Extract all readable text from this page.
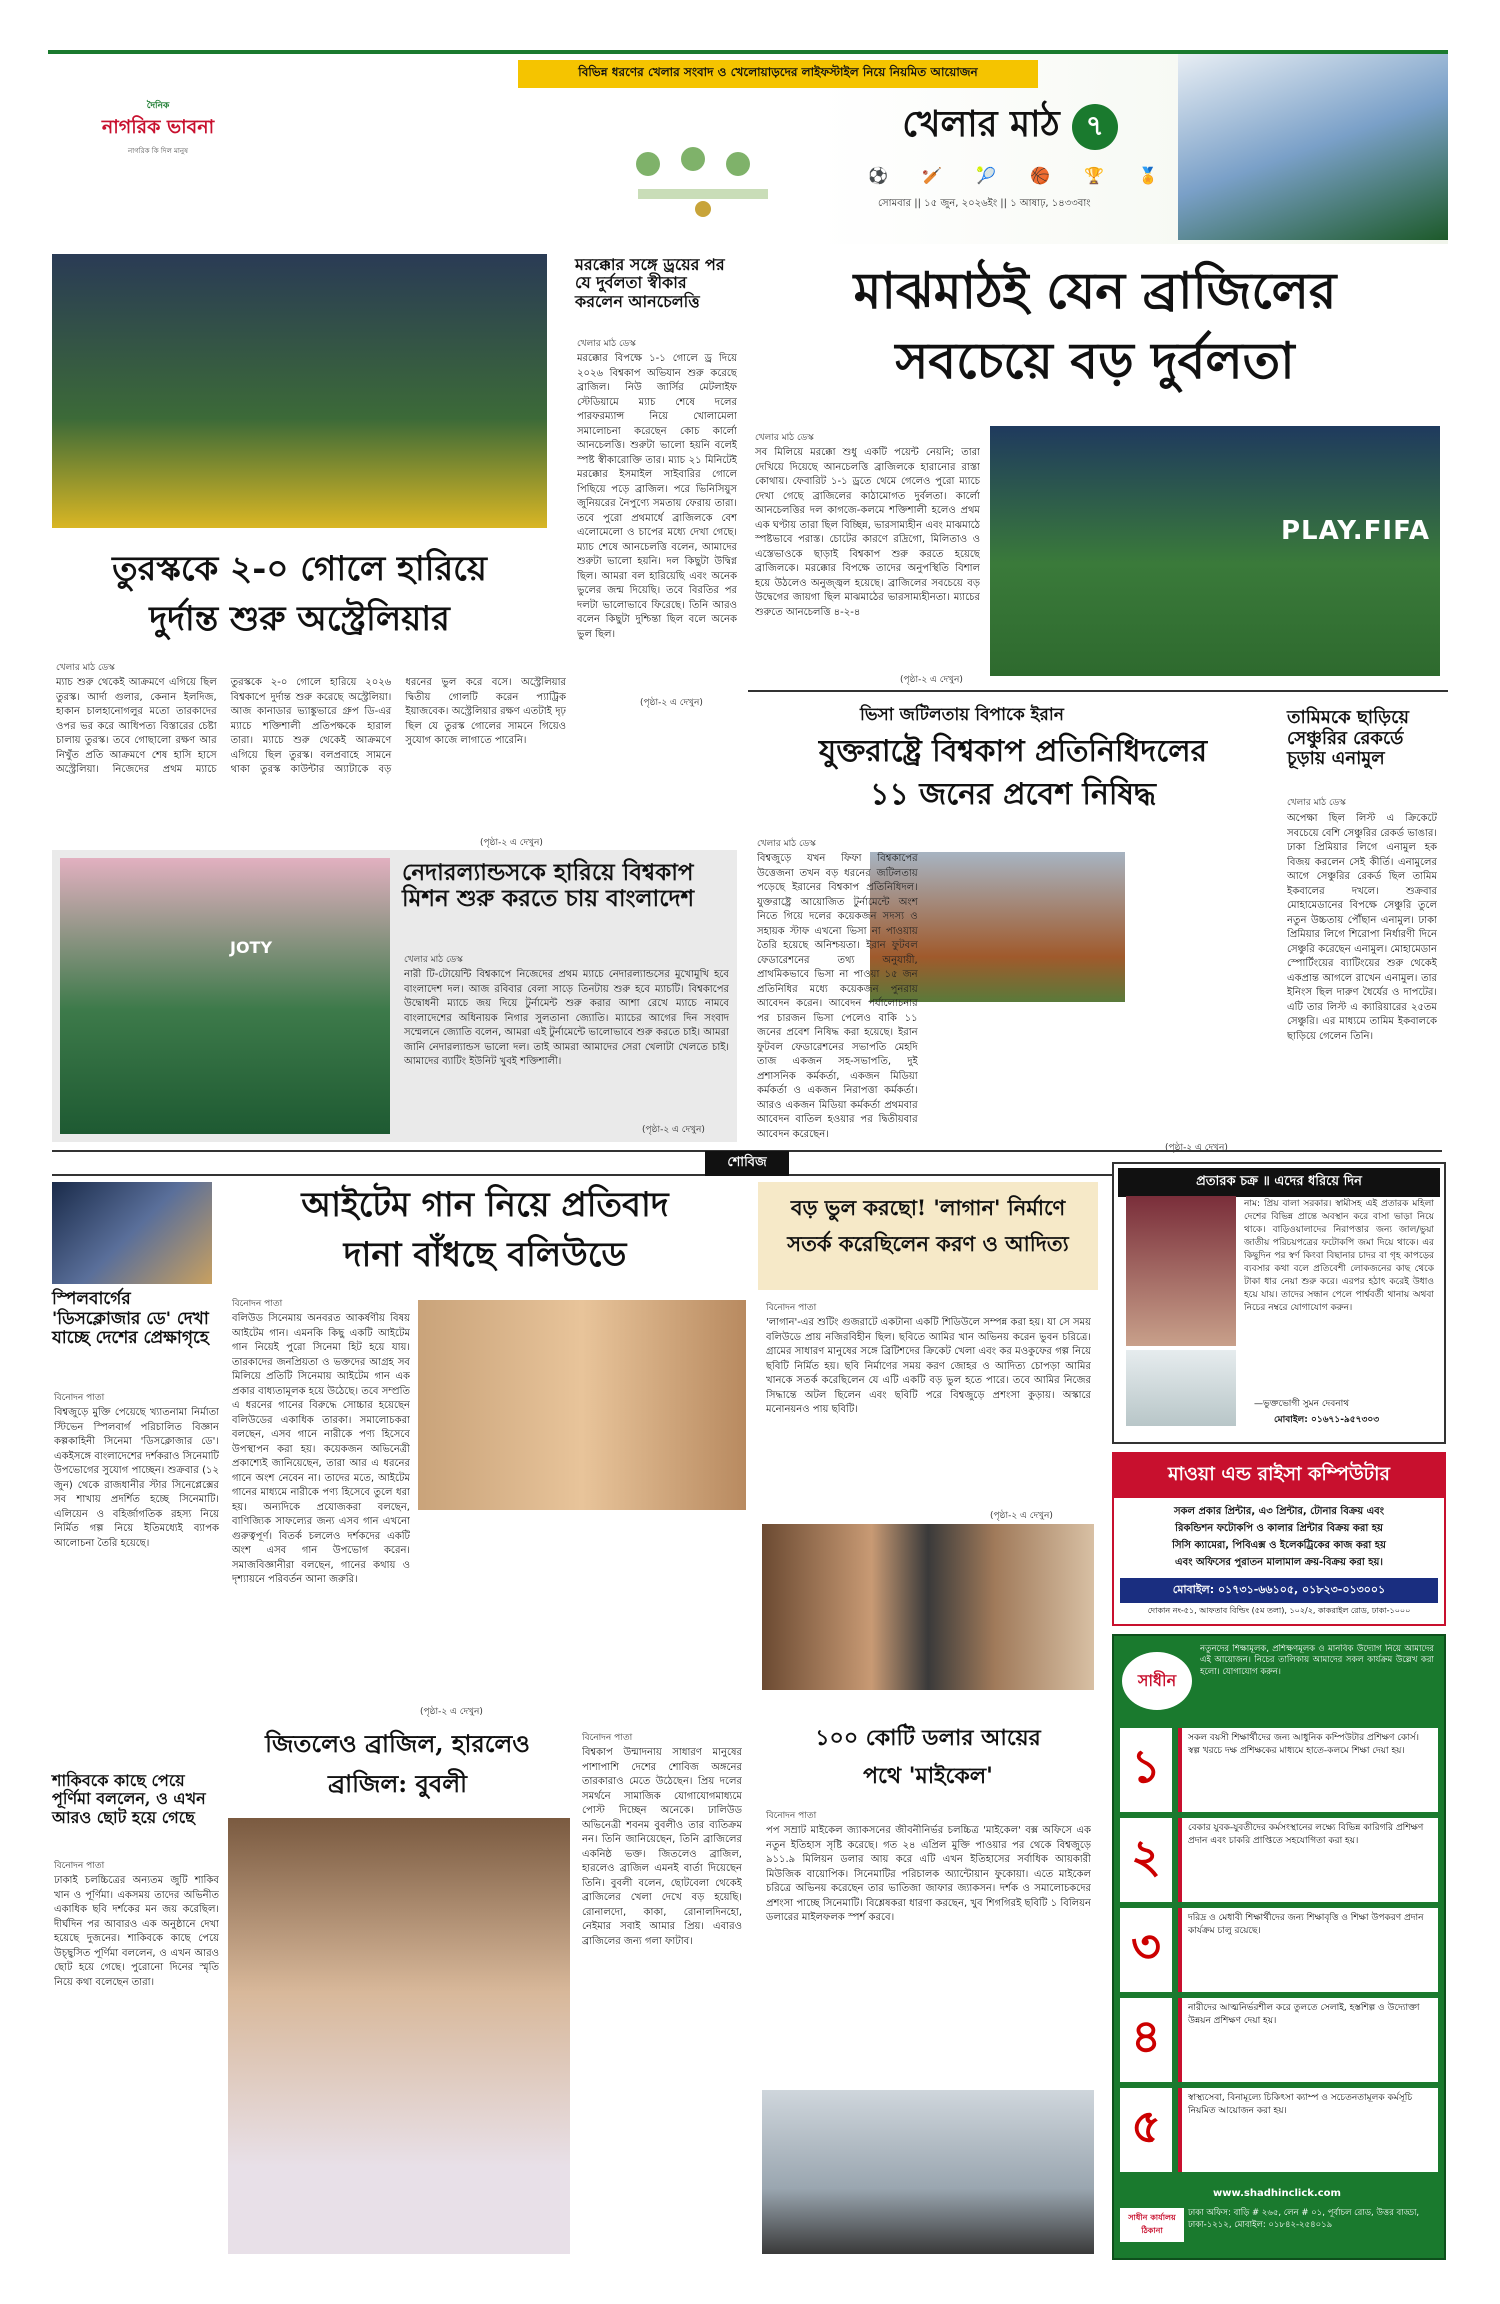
দৈনিক
নাগরিক ভাবনা
নাগরিক কি দিল মানুষ
বিভিন্ন ধরণের খেলার সংবাদ ও খেলোয়াড়দের লাইফস্টাইল নিয়ে নিয়মিত আয়োজন
খেলার মাঠ ৭
⚽ 🏏 🎾 🏀 🏆 🏅
সোমবার || ১৫ জুন, ২০২৬ইং || ১ আষাঢ়, ১৪৩৩বাং
মরক্কোর সঙ্গে ড্রয়ের পর যে দুর্বলতা স্বীকার করলেন আনচেলত্তি
খেলার মাঠ ডেস্ক
মরক্কোর বিপক্ষে ১-১ গোলে ড্র দিয়ে ২০২৬ বিশ্বকাপ অভিযান শুরু করেছে ব্রাজিল। নিউ জার্সির মেটলাইফ স্টেডিয়ামে ম্যাচ শেষে দলের পারফরম্যান্স নিয়ে খোলামেলা সমালোচনা করেছেন কোচ কার্লো আনচেলত্তি। শুরুটা ভালো হয়নি বলেই স্পষ্ট স্বীকারোক্তি তার। ম্যাচ ২১ মিনিটেই মরক্কোর ইসমাইল সাইবারির গোলে পিছিয়ে পড়ে ব্রাজিল। পরে ভিনিসিয়ুস জুনিয়রের নৈপুণ্যে সমতায় ফেরায় তারা। তবে পুরো প্রথমার্ধে ব্রাজিলকে বেশ এলোমেলো ও চাপের মধ্যে দেখা গেছে। ম্যাচ শেষে আনচেলত্তি বলেন, আমাদের শুরুটা ভালো হয়নি। দল কিছুটা উদ্বিগ্ন ছিল। আমরা বল হারিয়েছি এবং অনেক ভুলের জন্ম দিয়েছি। তবে বিরতির পর দলটা ভালোভাবে ফিরেছে। তিনি আরও বলেন কিছুটা দুশ্চিন্তা ছিল বলে অনেক ভুল ছিল।
(পৃষ্ঠা-২ এ দেখুন)
মাঝমাঠই যেন ব্রাজিলের
সবচেয়ে বড় দুর্বলতা
খেলার মাঠ ডেস্ক
সব মিলিয়ে মরক্কো শুধু একটি পয়েন্ট নেয়নি; তারা দেখিয়ে দিয়েছে আনচেলত্তি ব্রাজিলকে হারানোর রাস্তা কোথায়। ফেবারিট ১-১ ড্রতে থেমে গেলেও পুরো ম্যাচে দেখা গেছে ব্রাজিলের কাঠামোগত দুর্বলতা। কার্লো আনচেলত্তির দল কাগজে-কলমে শক্তিশালী হলেও প্রথম এক ঘণ্টায় তারা ছিল বিচ্ছিন্ন, ভারসাম্যহীন এবং মাঝমাঠে স্পষ্টভাবে পরাস্ত। চোটের কারণে রদ্রিগো, মিলিতাও ও এস্তেভাওকে ছাড়াই বিশ্বকাপ শুরু করতে হয়েছে ব্রাজিলকে। মরক্কোর বিপক্ষে তাদের অনুপস্থিতি বিশাল হয়ে উঠলেও অনুজ্জ্বল হয়েছে। ব্রাজিলের সবচেয়ে বড় উদ্বেগের জায়গা ছিল মাঝমাঠের ভারসাম্যহীনতা। ম্যাচের শুরুতে আনচেলত্তি ৪-২-৪
(পৃষ্ঠা-২ এ দেখুন)
PLAY.FIFA
তুরস্ককে ২-০ গোলে হারিয়ে
দুর্দান্ত শুরু অস্ট্রেলিয়ার
খেলার মাঠ ডেস্ক
ম্যাচ শুরু থেকেই আক্রমণে এগিয়ে ছিল তুরস্ক। আর্দা গুলার, কেনান ইলদিজ, হাকান চালহানোগলুর মতো তারকাদের ওপর ভর করে আধিপত্য বিস্তারের চেষ্টা চালায় তুরস্ক। তবে গোছালো রক্ষণ আর নিখুঁত প্রতি আক্রমণে শেষ হাসি হাসে অস্ট্রেলিয়া। নিজেদের প্রথম ম্যাচে তুরস্ককে ২-০ গোলে হারিয়ে ২০২৬ বিশ্বকাপে দুর্দান্ত শুরু করেছে অস্ট্রেলিয়া। আজ কানাডার ভ্যাঙ্কুভারে গ্রুপ ডি-এর ম্যাচে শক্তিশালী প্রতিপক্ষকে হারাল তারা। ম্যাচে শুরু থেকেই আক্রমণে এগিয়ে ছিল তুরস্ক। বলপ্রবাহে সামনে থাকা তুরস্ক কাউন্টার অ্যাটাকে বড় ধরনের ভুল করে বসে। অস্ট্রেলিয়ার দ্বিতীয় গোলটি করেন প্যাট্রিক ইয়াজবেক। অস্ট্রেলিয়ার রক্ষণ এতটাই দৃঢ় ছিল যে তুরস্ক গোলের সামনে গিয়েও সুযোগ কাজে লাগাতে পারেনি।
(পৃষ্ঠা-২ এ দেখুন)
ভিসা জটিলতায় বিপাকে ইরান
যুক্তরাষ্ট্রে বিশ্বকাপ প্রতিনিধিদলের
১১ জনের প্রবেশ নিষিদ্ধ
খেলার মাঠ ডেস্ক
বিশ্বজুড়ে যখন ফিফা বিশ্বকাপের উত্তেজনা তখন বড় ধরনের জটিলতায় পড়েছে ইরানের বিশ্বকাপ প্রতিনিধিদল। যুক্তরাষ্ট্রে আয়োজিত টুর্নামেন্টে অংশ নিতে গিয়ে দলের কয়েকজন সদস্য ও সহায়ক স্টাফ এখনো ভিসা না পাওয়ায় তৈরি হয়েছে অনিশ্চয়তা। ইরান ফুটবল ফেডারেশনের তথ্য অনুযায়ী, প্রাথমিকভাবে ভিসা না পাওয়া ১৫ জন প্রতিনিধির মধ্যে কয়েকজন পুনরায় আবেদন করেন। আবেদন পর্যালোচনার পর চারজন ভিসা পেলেও বাকি ১১ জনের প্রবেশ নিষিদ্ধ করা হয়েছে। ইরান ফুটবল ফেডারেশনের সভাপতি মেহদি তাজ একজন সহ-সভাপতি, দুই প্রশাসনিক কর্মকর্তা, একজন মিডিয়া কর্মকর্তা ও একজন নিরাপত্তা কর্মকর্তা। আরও একজন মিডিয়া কর্মকর্তা প্রথমবার আবেদন বাতিল হওয়ার পর দ্বিতীয়বার আবেদন করেছেন।
(পৃষ্ঠা-২ এ দেখুন)
তামিমকে ছাড়িয়ে সেঞ্চুরির রেকর্ডে চূড়ায় এনামুল
খেলার মাঠ ডেস্ক
অপেক্ষা ছিল লিস্ট এ ক্রিকেটে সবচেয়ে বেশি সেঞ্চুরির রেকর্ড ভাঙার। ঢাকা প্রিমিয়ার লিগে এনামুল হক বিজয় করলেন সেই কীর্তি। এনামুলের আগে সেঞ্চুরির রেকর্ড ছিল তামিম ইকবালের দখলে। শুক্রবার মোহামেডানের বিপক্ষে সেঞ্চুরি তুলে নতুন উচ্চতায় পৌঁছান এনামুল। ঢাকা প্রিমিয়ার লিগে শিরোপা নির্ধারণী দিনে সেঞ্চুরি করেছেন এনামুল। মোহামেডান স্পোর্টিংয়ের ব্যাটিংয়ের শুরু থেকেই একপ্রান্ত আগলে রাখেন এনামুল। তার ইনিংস ছিল দারুণ ধৈর্যের ও দাপটের। এটি তার লিস্ট এ ক্যারিয়ারের ২৫তম সেঞ্চুরি। এর মাধ্যমে তামিম ইকবালকে ছাড়িয়ে গেলেন তিনি।
JOTY
নেদারল্যান্ডসকে হারিয়ে বিশ্বকাপ মিশন শুরু করতে চায় বাংলাদেশ
খেলার মাঠ ডেস্ক
নারী টি-টোয়েন্টি বিশ্বকাপে নিজেদের প্রথম ম্যাচে নেদারল্যান্ডসের মুখোমুখি হবে বাংলাদেশ দল। আজ রবিবার বেলা সাড়ে তিনটায় শুরু হবে ম্যাচটি। বিশ্বকাপের উদ্বোধনী ম্যাচে জয় দিয়ে টুর্নামেন্ট শুরু করার আশা রেখে ম্যাচে নামবে বাংলাদেশের অধিনায়ক নিগার সুলতানা জ্যোতি। ম্যাচের আগের দিন সংবাদ সম্মেলনে জ্যোতি বলেন, আমরা এই টুর্নামেন্টে ভালোভাবে শুরু করতে চাই। আমরা জানি নেদারল্যান্ডস ভালো দল। তাই আমরা আমাদের সেরা খেলাটা খেলতে চাই। আমাদের ব্যাটিং ইউনিট খুবই শক্তিশালী।
(পৃষ্ঠা-২ এ দেখুন)
শোবিজ
স্পিলবার্গের 'ডিসক্লোজার ডে' দেখা যাচ্ছে দেশের প্রেক্ষাগৃহে
বিনোদন পাতা
বিশ্বজুড়ে মুক্তি পেয়েছে খ্যাতনামা নির্মাতা স্টিভেন স্পিলবার্গ পরিচালিত বিজ্ঞান কল্পকাহিনী সিনেমা 'ডিসক্লোজার ডে'। একইসঙ্গে বাংলাদেশের দর্শকরাও সিনেমাটি উপভোগের সুযোগ পাচ্ছেন। শুক্রবার (১২ জুন) থেকে রাজধানীর স্টার সিনেপ্লেক্সের সব শাখায় প্রদর্শিত হচ্ছে সিনেমাটি। এলিয়েন ও বহির্জাগতিক রহস্য নিয়ে নির্মিত গল্প নিয়ে ইতিমধ্যেই ব্যাপক আলোচনা তৈরি হয়েছে।
আইটেম গান নিয়ে প্রতিবাদ
দানা বাঁধছে বলিউডে
বিনোদন পাতা
বলিউড সিনেমায় অনবরত আকর্ষণীয় বিষয় আইটেম গান। এমনকি কিছু একটি আইটেম গান নিয়েই পুরো সিনেমা হিট হয়ে যায়। তারকাদের জনপ্রিয়তা ও ভক্তদের আগ্রহ সব মিলিয়ে প্রতিটি সিনেমায় আইটেম গান এক প্রকার বাধ্যতামূলক হয়ে উঠেছে। তবে সম্প্রতি এ ধরনের গানের বিরুদ্ধে সোচ্চার হয়েছেন বলিউডের একাধিক তারকা। সমালোচকরা বলছেন, এসব গানে নারীকে পণ্য হিসেবে উপস্থাপন করা হয়। কয়েকজন অভিনেত্রী প্রকাশ্যেই জানিয়েছেন, তারা আর এ ধরনের গানে অংশ নেবেন না। তাদের মতে, আইটেম গানের মাধ্যমে নারীকে পণ্য হিসেবে তুলে ধরা হয়। অন্যদিকে প্রযোজকরা বলছেন, বাণিজ্যিক সাফল্যের জন্য এসব গান এখনো গুরুত্বপূর্ণ। বিতর্ক চললেও দর্শকদের একটি অংশ এসব গান উপভোগ করেন। সমাজবিজ্ঞানীরা বলছেন, গানের কথায় ও দৃশ্যায়নে পরিবর্তন আনা জরুরি।
(পৃষ্ঠা-২ এ দেখুন)
বড় ভুল করছো! 'লাগান' নির্মাণে
সতর্ক করেছিলেন করণ ও আদিত্য
বিনোদন পাতা
'লাগান'-এর শুটিং গুজরাটে একটানা একটি শিডিউলে সম্পন্ন করা হয়। যা সে সময় বলিউডে প্রায় নজিরবিহীন ছিল। ছবিতে আমির খান অভিনয় করেন ভুবন চরিত্রে। গ্রামের সাধারণ মানুষের সঙ্গে ব্রিটিশদের ক্রিকেট খেলা এবং কর মওকুফের গল্প নিয়ে ছবিটি নির্মিত হয়। ছবি নির্মাণের সময় করণ জোহর ও আদিত্য চোপড়া আমির খানকে সতর্ক করেছিলেন যে এটি একটি বড় ভুল হতে পারে। তবে আমির নিজের সিদ্ধান্তে অটল ছিলেন এবং ছবিটি পরে বিশ্বজুড়ে প্রশংসা কুড়ায়। অস্কারে মনোনয়নও পায় ছবিটি।
(পৃষ্ঠা-২ এ দেখুন)
প্রতারক চক্র ॥ এদের ধরিয়ে দিন
নাম: প্রিয় বালা সরকার। স্বামীসহ এই প্রতারক মহিলা দেশের বিভিন্ন প্রান্তে অবস্থান করে বাসা ভাড়া নিয়ে থাকে। বাড়িওয়ালাদের নিরাপত্তার জন্য জাল/ভুয়া জাতীয় পরিচয়পত্রের ফটোকপি জমা দিয়ে থাকে। এর কিছুদিন পর স্বর্ণ কিংবা বিছানার চাদর বা গৃহ কাপড়ের ব্যবসার কথা বলে প্রতিবেশী লোকজনের কাছ থেকে টাকা ধার নেয়া শুরু করে। এরপর হঠাৎ করেই উধাও হয়ে যায়। তাদের সন্ধান পেলে পার্শ্ববর্তী থানায় অথবা নিচের নম্বরে যোগাযোগ করুন।
—ভুক্তভোগী সুমন দেবনাথ
মোবাইল: ০১৬৭১-৯৫৭৩০৩
মাওয়া এন্ড রাইসা কম্পিউটার
সকল প্রকার প্রিন্টার, এ৩ প্রিন্টার, টোনার বিক্রয় এবং
রিকন্ডিশন ফটোকপি ও কালার প্রিন্টার বিক্রয় করা হয়
সিসি ক্যামেরা, পিবিএক্স ও ইলেকট্রিকের কাজ করা হয়
এবং অফিসের পুরাতন মালামাল ক্রয়-বিক্রয় করা হয়।
মোবাইল: ০১৭৩১-৬৬১০৫, ০১৮২৩-০১৩০০১
দোকান নং-৫১, আফতাব বিল্ডিং (৫ম তলা), ১০২/২, কাকরাইল রোড, ঢাকা-১০০০
জিতলেও ব্রাজিল, হারলেও
ব্রাজিল: বুবলী
বিনোদন পাতা
বিশ্বকাপ উন্মাদনায় সাধারণ মানুষের পাশাপাশি দেশের শোবিজ অঙ্গনের তারকারাও মেতে উঠেছেন। প্রিয় দলের সমর্থনে সামাজিক যোগাযোগমাধ্যমে পোস্ট দিচ্ছেন অনেকে। ঢালিউড অভিনেত্রী শবনম বুবলীও তার ব্যতিক্রম নন। তিনি জানিয়েছেন, তিনি ব্রাজিলের একনিষ্ঠ ভক্ত। জিতলেও ব্রাজিল, হারলেও ব্রাজিল এমনই বার্তা দিয়েছেন তিনি। বুবলী বলেন, ছোটবেলা থেকেই ব্রাজিলের খেলা দেখে বড় হয়েছি। রোনালদো, কাকা, রোনালদিনহো, নেইমার সবাই আমার প্রিয়। এবারও ব্রাজিলের জন্য গলা ফাটাব।
শাকিবকে কাছে পেয়ে পূর্ণিমা বললেন, ও এখন আরও ছোট হয়ে গেছে
বিনোদন পাতা
ঢাকাই চলচ্চিত্রের অন্যতম জুটি শাকিব খান ও পূর্ণিমা। একসময় তাদের অভিনীত একাধিক ছবি দর্শকের মন জয় করেছিল। দীর্ঘদিন পর আবারও এক অনুষ্ঠানে দেখা হয়েছে দুজনের। শাকিবকে কাছে পেয়ে উচ্ছ্বসিত পূর্ণিমা বললেন, ও এখন আরও ছোট হয়ে গেছে। পুরোনো দিনের স্মৃতি নিয়ে কথা বলেছেন তারা।
১০০ কোটি ডলার আয়ের
পথে 'মাইকেল'
বিনোদন পাতা
পপ সম্রাট মাইকেল জ্যাকসনের জীবনীনির্ভর চলচ্চিত্র 'মাইকেল' বক্স অফিসে এক নতুন ইতিহাস সৃষ্টি করেছে। গত ২৪ এপ্রিল মুক্তি পাওয়ার পর থেকে বিশ্বজুড়ে ৯১১.৯ মিলিয়ন ডলার আয় করে এটি এখন ইতিহাসের সর্বাধিক আয়কারী মিউজিক বায়োপিক। সিনেমাটির পরিচালক অ্যান্টোয়ান ফুকোয়া। এতে মাইকেল চরিত্রে অভিনয় করেছেন তার ভাতিজা জাফার জ্যাকসন। দর্শক ও সমালোচকদের প্রশংসা পাচ্ছে সিনেমাটি। বিশ্লেষকরা ধারণা করছেন, খুব শিগগিরই ছবিটি ১ বিলিয়ন ডলারের মাইলফলক স্পর্শ করবে।
সাধীন
নতুনদের শিক্ষামূলক, প্রশিক্ষণমূলক ও মানবিক উদ্যোগ নিয়ে আমাদের এই আয়োজন। নিচের তালিকায় আমাদের সকল কার্যক্রম উল্লেখ করা হলো। যোগাযোগ করুন।
১
সকল বয়সী শিক্ষার্থীদের জন্য আধুনিক কম্পিউটার প্রশিক্ষণ কোর্স। স্বল্প খরচে দক্ষ প্রশিক্ষকের মাধ্যমে হাতে-কলমে শিক্ষা দেয়া হয়।
২
বেকার যুবক-যুবতীদের কর্মসংস্থানের লক্ষ্যে বিভিন্ন কারিগরি প্রশিক্ষণ প্রদান এবং চাকরি প্রাপ্তিতে সহযোগিতা করা হয়।
৩
দরিদ্র ও মেধাবী শিক্ষার্থীদের জন্য শিক্ষাবৃত্তি ও শিক্ষা উপকরণ প্রদান কার্যক্রম চালু রয়েছে।
৪
নারীদের আত্মনির্ভরশীল করে তুলতে সেলাই, হস্তশিল্প ও উদ্যোক্তা উন্নয়ন প্রশিক্ষণ দেয়া হয়।
৫
স্বাস্থ্যসেবা, বিনামূল্যে চিকিৎসা ক্যাম্প ও সচেতনতামূলক কর্মসূচি নিয়মিত আয়োজন করা হয়।
www.shadhinclick.com
সাধীন কার্যালয় ঠিকানা
ঢাকা অফিস: বাড়ি # ২৬৫, লেন # ০১, পূর্বাচল রোড, উত্তর বাড্ডা, ঢাকা-১২১২, মোবাইল: ০১৮৪২-২৫৪০১৯
